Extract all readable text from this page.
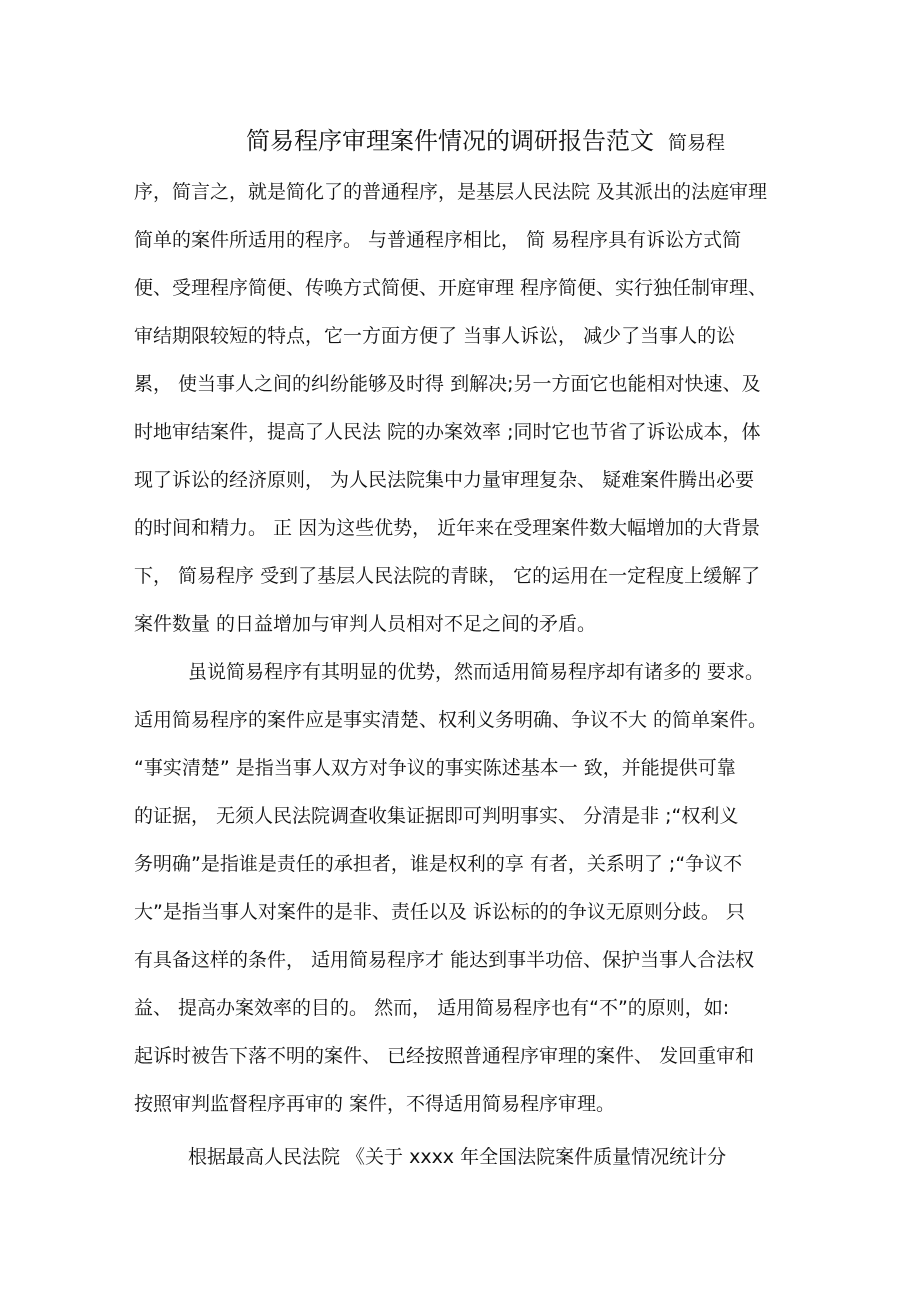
简易程序审理案件情况的调研报告范文 简易程
序，简言之，就是简化了的普通程序，是基层人民法院 及其派出的法庭审理
简单的案件所适用的程序。 与普通程序相比， 简 易程序具有诉讼方式简
便、受理程序简便、传唤方式简便、开庭审理 程序简便、实行独任制审理、
审结期限较短的特点，它一方面方便了 当事人诉讼， 减少了当事人的讼
累， 使当事人之间的纠纷能够及时得 到解决;另一方面它也能相对快速、及
时地审结案件，提高了人民法 院的办案效率 ;同时它也节省了诉讼成本，体
现了诉讼的经济原则， 为人民法院集中力量审理复杂、 疑难案件腾出必要
的时间和精力。 正 因为这些优势， 近年来在受理案件数大幅增加的大背景
下， 简易程序 受到了基层人民法院的青睐， 它的运用在一定程度上缓解了
案件数量 的日益增加与审判人员相对不足之间的矛盾。
虽说简易程序有其明显的优势，然而适用简易程序却有诸多的 要求。
适用简易程序的案件应是事实清楚、权利义务明确、争议不大 的简单案件。
“事实清楚” 是指当事人双方对争议的事实陈述基本一 致，并能提供可靠
的证据， 无须人民法院调查收集证据即可判明事实、 分清是非 ;“权利义
务明确”是指谁是责任的承担者，谁是权利的享 有者，关系明了 ;“争议不
大”是指当事人对案件的是非、责任以及 诉讼标的的争议无原则分歧。 只
有具备这样的条件， 适用简易程序才 能达到事半功倍、保护当事人合法权
益、 提高办案效率的目的。 然而， 适用简易程序也有“不”的原则，如:
起诉时被告下落不明的案件、 已经按照普通程序审理的案件、 发回重审和
按照审判监督程序再审的 案件，不得适用简易程序审理。
根据最高人民法院 《关于 xxxx 年全国法院案件质量情况统计分
